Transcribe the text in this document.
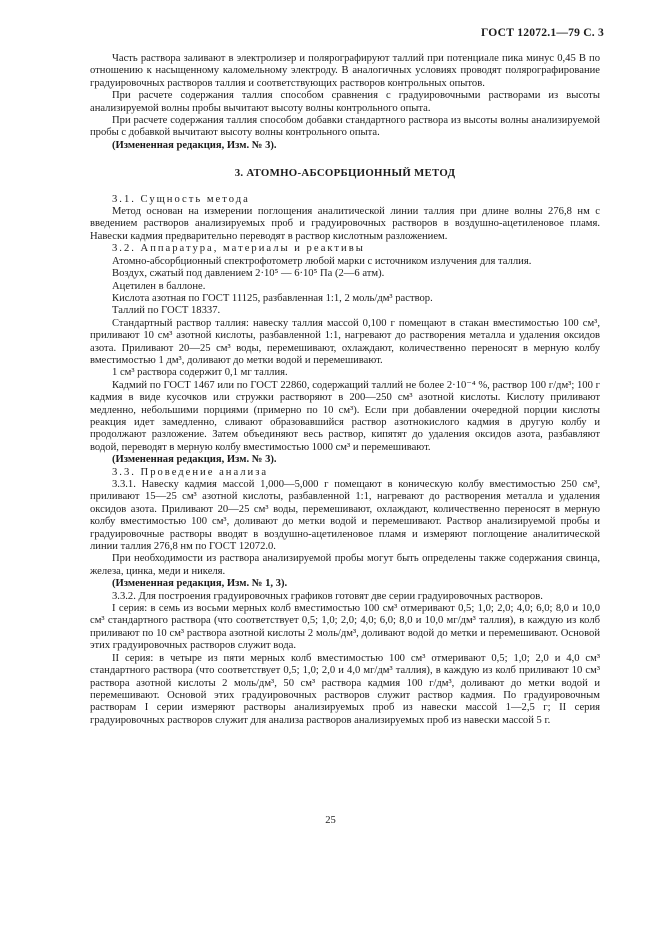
ГОСТ 12072.1—79 С. 3

Часть раствора заливают в электролизер и полярографируют таллий при потенциале пика минус 0,45 В по отношению к насыщенному каломельному электроду. В аналогичных условиях проводят полярографирование градуировочных растворов таллия и соответствующих растворов контрольных опытов.

При расчете содержания таллия способом сравнения с градуировочными растворами из высоты анализируемой волны пробы вычитают высоту волны контрольного опыта.

При расчете содержания таллия способом добавки стандартного раствора из высоты волны анализируемой пробы с добавкой вычитают высоту волны контрольного опыта.

(Измененная редакция, Изм. № 3).

3. АТОМНО-АБСОРБЦИОННЫЙ МЕТОД

3.1. Сущность метода

Метод основан на измерении поглощения аналитической линии таллия при длине волны 276,8 нм с введением растворов анализируемых проб и градуировочных растворов в воздушно-ацетиленовое пламя. Навески кадмия предварительно переводят в раствор кислотным разложением.

3.2. Аппаратура, материалы и реактивы

Атомно-абсорбционный спектрофотометр любой марки с источником излучения для таллия.

Воздух, сжатый под давлением 2·10⁵ — 6·10⁵ Па (2—6 атм).

Ацетилен в баллоне.

Кислота азотная по ГОСТ 11125, разбавленная 1:1, 2 моль/дм³ раствор.

Таллий по ГОСТ 18337.

Стандартный раствор таллия: навеску таллия массой 0,100 г помещают в стакан вместимостью 100 см³, приливают 10 см³ азотной кислоты, разбавленной 1:1, нагревают до растворения металла и удаления оксидов азота. Приливают 20—25 см³ воды, перемешивают, охлаждают, количественно переносят в мерную колбу вместимостью 1 дм³, доливают до метки водой и перемешивают.

1 см³ раствора содержит 0,1 мг таллия.

Кадмий по ГОСТ 1467 или по ГОСТ 22860, содержащий таллий не более 2·10⁻⁴ %, раствор 100 г/дм³; 100 г кадмия в виде кусочков или стружки растворяют в 200—250 см³ азотной кислоты. Кислоту приливают медленно, небольшими порциями (примерно по 10 см³). Если при добавлении очередной порции кислоты реакция идет замедленно, сливают образовавшийся раствор азотнокислого кадмия в другую колбу и продолжают разложение. Затем объединяют весь раствор, кипятят до удаления оксидов азота, разбавляют водой, переводят в мерную колбу вместимостью 1000 см³ и перемешивают.

(Измененная редакция, Изм. № 3).

3.3. Проведение анализа

3.3.1. Навеску кадмия массой 1,000—5,000 г помещают в коническую колбу вместимостью 250 см³, приливают 15—25 см³ азотной кислоты, разбавленной 1:1, нагревают до растворения металла и удаления оксидов азота. Приливают 20—25 см³ воды, перемешивают, охлаждают, количественно переносят в мерную колбу вместимостью 100 см³, доливают до метки водой и перемешивают. Раствор анализируемой пробы и градуировочные растворы вводят в воздушно-ацетиленовое пламя и измеряют поглощение аналитической линии таллия 276,8 нм по ГОСТ 12072.0.

При необходимости из раствора анализируемой пробы могут быть определены также содержания свинца, железа, цинка, меди и никеля.

(Измененная редакция, Изм. № 1, 3).

3.3.2. Для построения градуировочных графиков готовят две серии градуировочных растворов.

I серия: в семь из восьми мерных колб вместимостью 100 см³ отмеривают 0,5; 1,0; 2,0; 4,0; 6,0; 8,0 и 10,0 см³ стандартного раствора (что соответствует 0,5; 1,0; 2,0; 4,0; 6,0; 8,0 и 10,0 мг/дм³ таллия), в каждую из колб приливают по 10 см³ раствора азотной кислоты 2 моль/дм³, доливают водой до метки и перемешивают. Основой этих градуировочных растворов служит вода.

II серия: в четыре из пяти мерных колб вместимостью 100 см³ отмеривают 0,5; 1,0; 2,0 и 4,0 см³ стандартного раствора (что соответствует 0,5; 1,0; 2,0 и 4,0 мг/дм³ таллия), в каждую из колб приливают 10 см³ раствора азотной кислоты 2 моль/дм³, 50 см³ раствора кадмия 100 г/дм³, доливают до метки водой и перемешивают. Основой этих градуировочных растворов служит раствор кадмия. По градуировочным растворам I серии измеряют растворы анализируемых проб из навески массой 1—2,5 г; II серия градуировочных растворов служит для анализа растворов анализируемых проб из навески массой 5 г.

25
